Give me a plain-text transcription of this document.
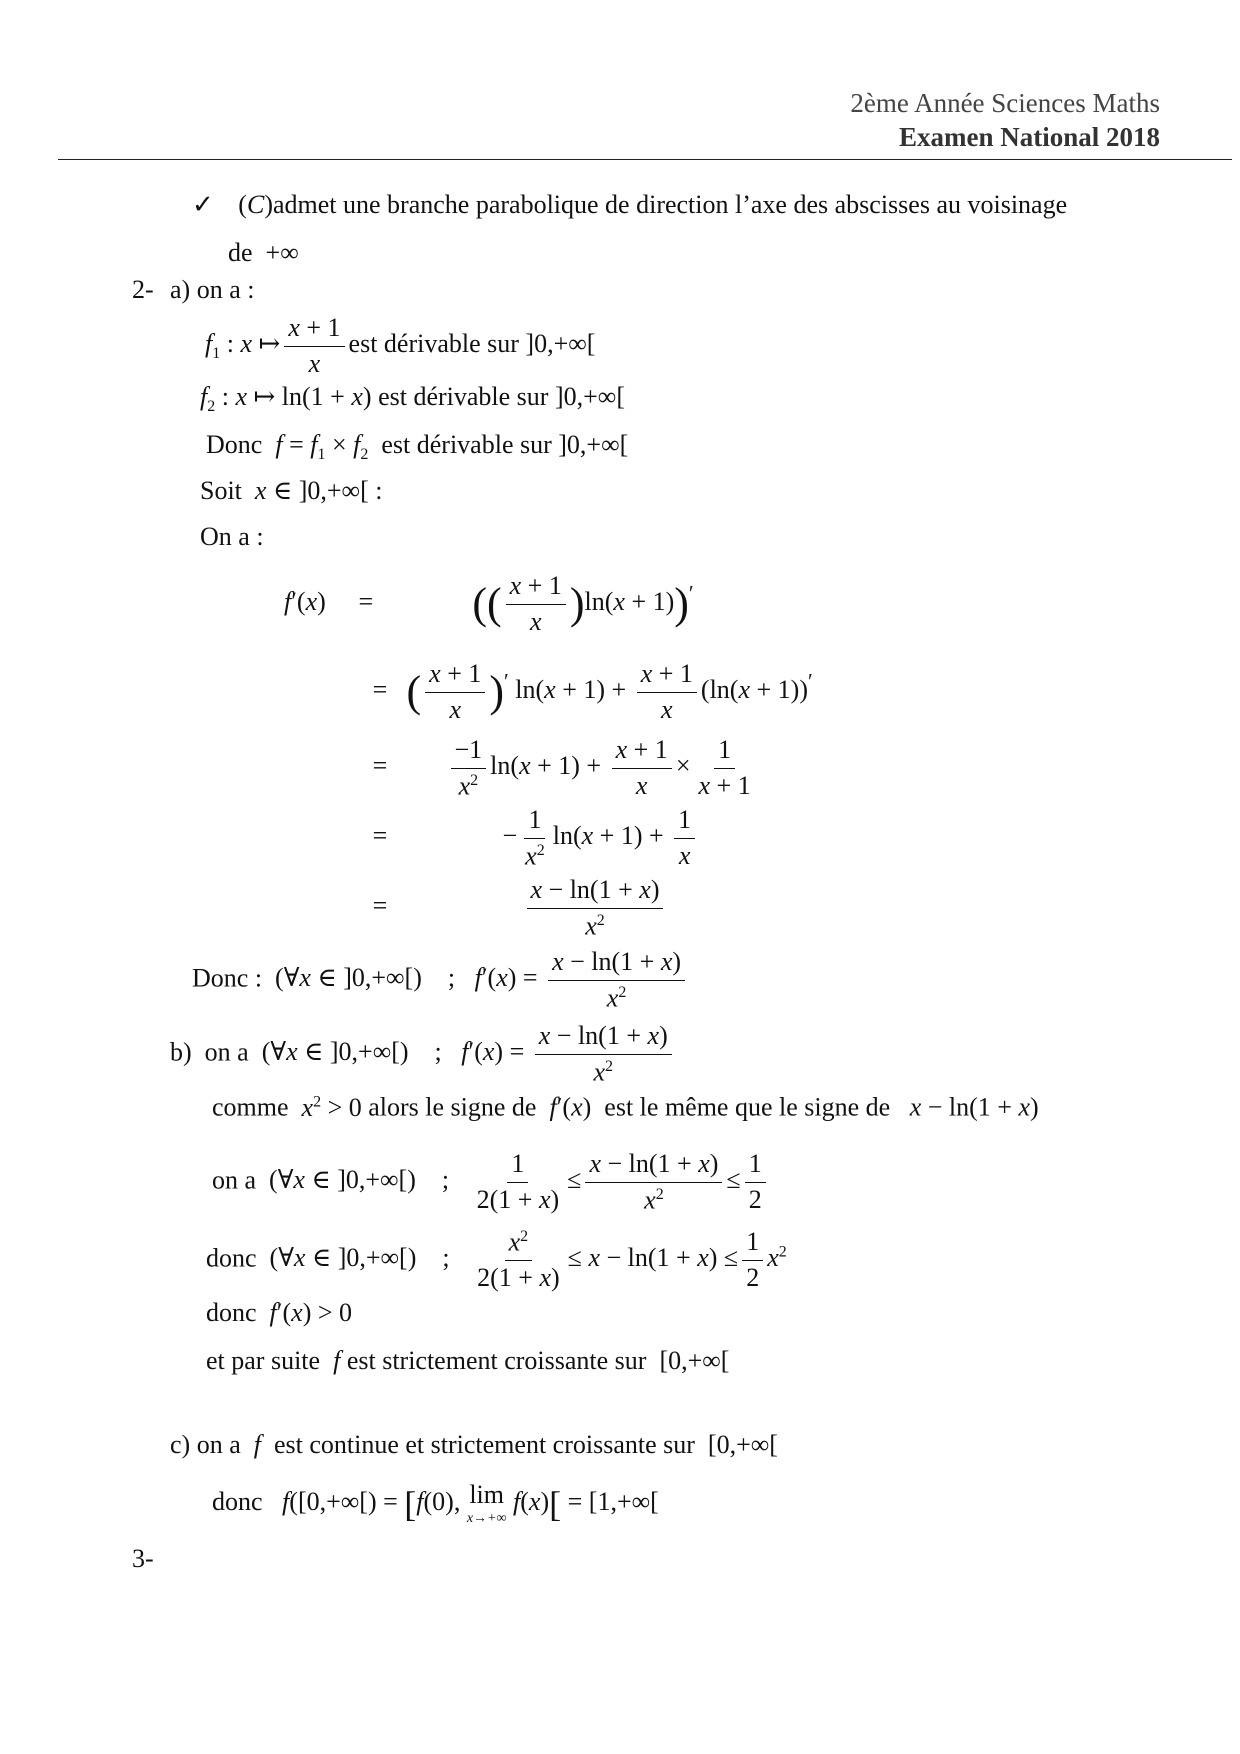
2ème Année Sciences Maths
Examen National 2018
✓ (C)admet une branche parabolique de direction l’axe des abscisses au voisinage
de +∞
2- a) on a :
$f_1$ : x ↦ $\frac{x + 1}{x}$ est dérivable sur ]0,+∞[
$f_2$ : x ↦ ln(1 + x) est dérivable sur ]0,+∞[
Donc $f = f_1 \times f_2$ est dérivable sur ]0,+∞[
Soit x ∈ ]0,+∞[ :
On a :
f′(x) = (( $\frac{x + 1}{x} )\ln(x + 1))'$
= ( $\frac{x + 1}{x} )'$ $\ln(x + 1) + \frac{x + 1}{x} (\ln(x + 1))'$
= $\frac{-1}{x^2} \ln(x + 1) + \frac{x + 1}{x} \times \frac{1}{x + 1}$
=	− $\frac{1}{x^2} \ln(x + 1) + \frac{1}{x}$
=	$\frac{x - \ln(1 + x)}{x^2}$
Donc : (∀x ∈ ]0,+∞[)    ;   $f'(x) = \frac{x - \ln(1 + x)}{x^2}$
b) on a (∀x ∈ ]0,+∞[)    ;   $f'(x) = \frac{x - \ln(1 + x)}{x^2}$
comme $x^2 > 0$ alors le signe de f′(x) est le même que le signe de x − ln(1 + x)
on a (∀x ∈ ]0,+∞[)    ; $\frac{1}{2(1 + x)} \le \frac{x - \ln(1 + x)}{x^2} \le \frac{1}{2}$
donc (∀x ∈ ]0,+∞[)    ; $\frac{x^2}{2(1 + x)} \le x - \ln(1 + x) \le \frac{1}{2} x^2$
donc f′(x) > 0
et par suite f est strictement croissante sur [0,+∞[
c) on a f est continue et strictement croissante sur [0,+∞[
donc f([0,+∞[) = [f(0), lim
x→+∞
f(x)[ = [1,+∞[
3-
